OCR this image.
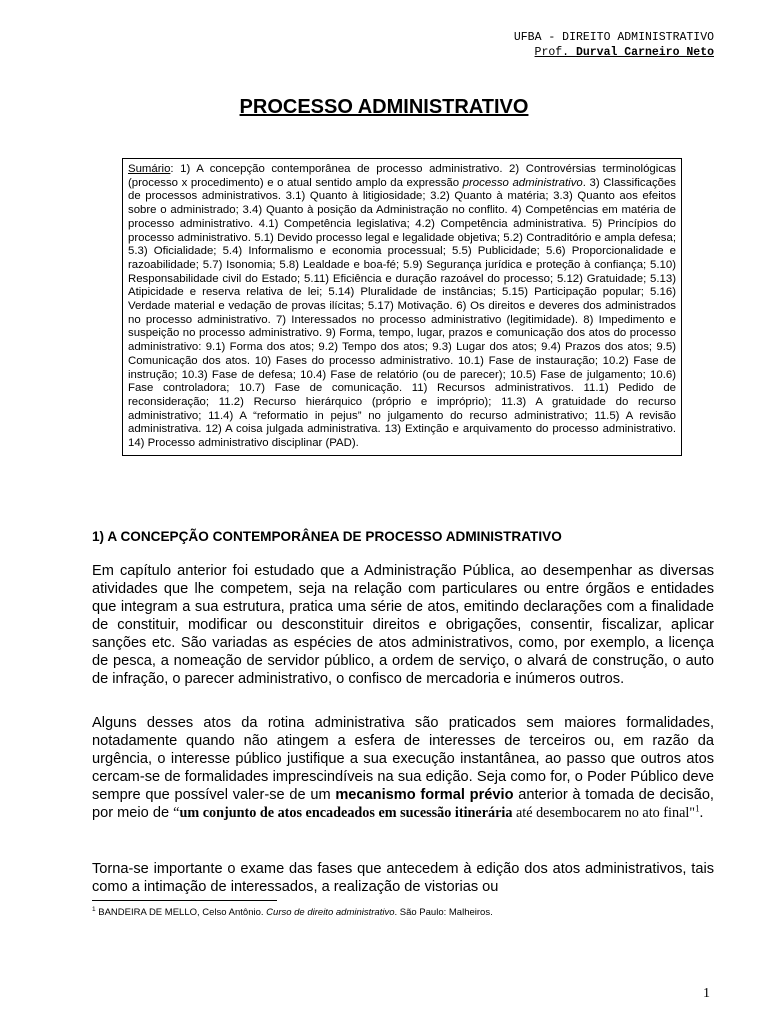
UFBA - DIREITO ADMINISTRATIVO
Prof. Durval Carneiro Neto
PROCESSO ADMINISTRATIVO
Sumário: 1) A concepção contemporânea de processo administrativo. 2) Controvérsias terminológicas (processo x procedimento) e o atual sentido amplo da expressão processo administrativo. 3) Classificações de processos administrativos. 3.1) Quanto à litigiosidade; 3.2) Quanto à matéria; 3.3) Quanto aos efeitos sobre o administrado; 3.4) Quanto à posição da Administração no conflito. 4) Competências em matéria de processo administrativo. 4.1) Competência legislativa; 4.2) Competência administrativa. 5) Princípios do processo administrativo. 5.1) Devido processo legal e legalidade objetiva; 5.2) Contraditório e ampla defesa; 5.3) Oficialidade; 5.4) Informalismo e economia processual; 5.5) Publicidade; 5.6) Proporcionalidade e razoabilidade; 5.7) Isonomia; 5.8) Lealdade e boa-fé; 5.9) Segurança jurídica e proteção à confiança; 5.10) Responsabilidade civil do Estado; 5.11) Eficiência e duração razoável do processo; 5.12) Gratuidade; 5.13) Atipicidade e reserva relativa de lei; 5.14) Pluralidade de instâncias; 5.15) Participação popular; 5.16) Verdade material e vedação de provas ilícitas; 5.17) Motivação. 6) Os direitos e deveres dos administrados no processo administrativo. 7) Interessados no processo administrativo (legitimidade). 8) Impedimento e suspeição no processo administrativo. 9) Forma, tempo, lugar, prazos e comunicação dos atos do processo administrativo: 9.1) Forma dos atos; 9.2) Tempo dos atos; 9.3) Lugar dos atos; 9.4) Prazos dos atos; 9.5) Comunicação dos atos. 10) Fases do processo administrativo. 10.1) Fase de instauração; 10.2) Fase de instrução; 10.3) Fase de defesa; 10.4) Fase de relatório (ou de parecer); 10.5) Fase de julgamento; 10.6) Fase controladora; 10.7) Fase de comunicação. 11) Recursos administrativos. 11.1) Pedido de reconsideração; 11.2) Recurso hierárquico (próprio e impróprio); 11.3) A gratuidade do recurso administrativo; 11.4) A “reformatio in pejus” no julgamento do recurso administrativo; 11.5) A revisão administrativa. 12) A coisa julgada administrativa. 13) Extinção e arquivamento do processo administrativo. 14) Processo administrativo disciplinar (PAD).
1) A CONCEPÇÃO CONTEMPORÂNEA DE PROCESSO ADMINISTRATIVO
Em capítulo anterior foi estudado que a Administração Pública, ao desempenhar as diversas atividades que lhe competem, seja na relação com particulares ou entre órgãos e entidades que integram a sua estrutura, pratica uma série de atos, emitindo declarações com a finalidade de constituir, modificar ou desconstituir direitos e obrigações, consentir, fiscalizar, aplicar sanções etc. São variadas as espécies de atos administrativos, como, por exemplo, a licença de pesca, a nomeação de servidor público, a ordem de serviço, o alvará de construção, o auto de infração, o parecer administrativo, o confisco de mercadoria e inúmeros outros.
Alguns desses atos da rotina administrativa são praticados sem maiores formalidades, notadamente quando não atingem a esfera de interesses de terceiros ou, em razão da urgência, o interesse público justifique a sua execução instantânea, ao passo que outros atos cercam-se de formalidades imprescindíveis na sua edição. Seja como for, o Poder Público deve sempre que possível valer-se de um mecanismo formal prévio anterior à tomada de decisão, por meio de “um conjunto de atos encadeados em sucessão itinerária até desembocarem no ato final"$^1$.
Torna-se importante o exame das fases que antecedem à edição dos atos administrativos, tais como a intimação de interessados, a realização de vistorias ou
$^1$ BANDEIRA DE MELLO, Celso Antônio. Curso de direito administrativo. São Paulo: Malheiros.
1
